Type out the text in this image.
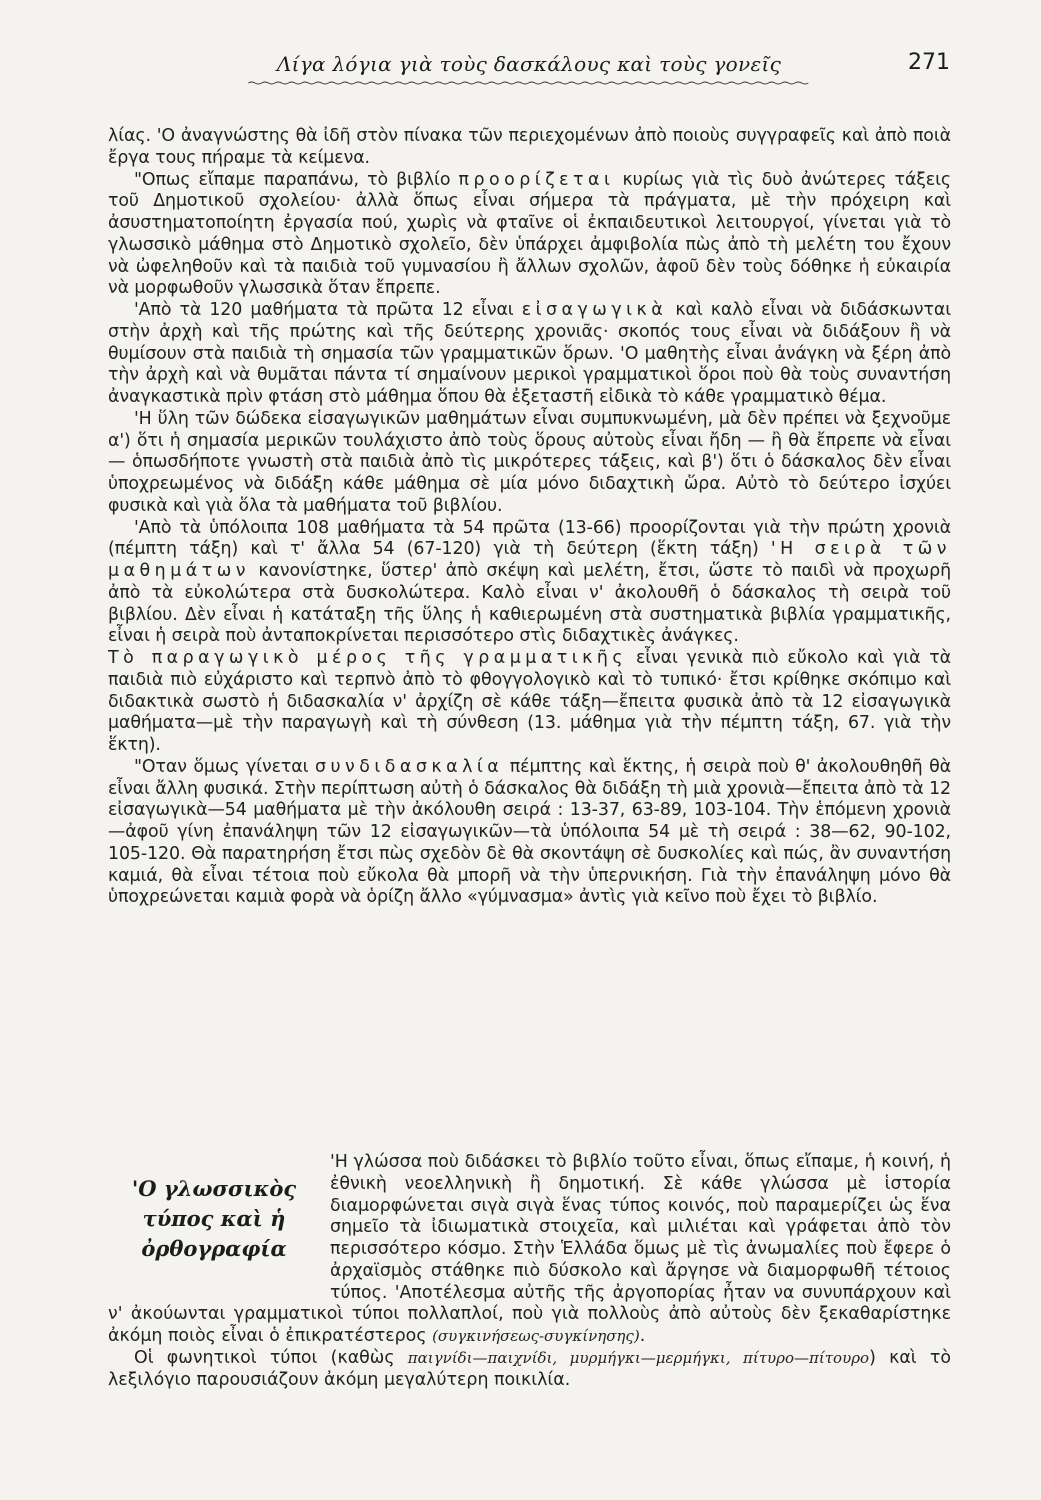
Λίγα λόγια γιὰ τοὺς δασκάλους καὶ τοὺς γονεῖς	271

λίας. 'Ο ἀναγνώστης θὰ ἰδῆ στὸν πίνακα τῶν περιεχομένων ἀπὸ ποιοὺς συγγραφεῖς καὶ ἀπὸ ποιὰ ἔργα τους πήραμε τὰ κείμενα.

"Οπως εἴπαμε παραπάνω, τὸ βιβλίο προορίζεται κυρίως γιὰ τὶς δυὸ ἀνώτερες τάξεις τοῦ Δημοτικοῦ σχολείου· ἀλλὰ ὅπως εἶναι σήμερα τὰ πράγματα, μὲ τὴν πρόχειρη καὶ ἀσυστηματοποίητη ἐργασία πού, χωρὶς νὰ φταῖνε οἱ ἐκπαιδευτικοὶ λειτουργοί, γίνεται γιὰ τὸ γλωσσικὸ μάθημα στὸ Δημοτικὸ σχολεῖο, δὲν ὑπάρχει ἀμφιβολία πὼς ἀπὸ τὴ μελέτη του ἔχουν νὰ ὠφεληθοῦν καὶ τὰ παιδιὰ τοῦ γυμνασίου ἢ ἄλλων σχολῶν, ἀφοῦ δὲν τοὺς δόθηκε ἡ εὐκαιρία νὰ μορφωθοῦν γλωσσικὰ ὅταν ἔπρεπε.

'Απὸ τὰ 120 μαθήματα τὰ πρῶτα 12 εἶναι εἰσαγωγικὰ καὶ καλὸ εἶναι νὰ διδάσκωνται στὴν ἀρχὴ καὶ τῆς πρώτης καὶ τῆς δεύτερης χρονιᾶς· σκοπός τους εἶναι νὰ διδάξουν ἢ νὰ θυμίσουν στὰ παιδιὰ τὴ σημασία τῶν γραμματικῶν ὅρων. 'Ο μαθητὴς εἶναι ἀνάγκη νὰ ξέρη ἀπὸ τὴν ἀρχὴ καὶ νὰ θυμᾶται πάντα τί σημαίνουν μερικοὶ γραμματικοὶ ὅροι ποὺ θὰ τοὺς συναντήση ἀναγκαστικὰ πρὶν φτάση στὸ μάθημα ὅπου θὰ ἐξεταστῆ εἰδικὰ τὸ κάθε γραμματικὸ θέμα.

'Η ὕλη τῶν δώδεκα εἰσαγωγικῶν μαθημάτων εἶναι συμπυκνωμένη, μὰ δὲν πρέπει νὰ ξεχνοῦμε α') ὅτι ἡ σημασία μερικῶν τουλάχιστο ἀπὸ τοὺς ὅρους αὐτοὺς εἶναι ἤδη — ἢ θὰ ἔπρεπε νὰ εἶναι — ὁπωσδήποτε γνωστὴ στὰ παιδιὰ ἀπὸ τὶς μικρότερες τάξεις, καὶ β') ὅτι ὁ δάσκαλος δὲν εἶναι ὑποχρεωμένος νὰ διδάξη κάθε μάθημα σὲ μία μόνο διδαχτικὴ ὥρα. Αὐτὸ τὸ δεύτερο ἰσχύει φυσικὰ καὶ γιὰ ὅλα τὰ μαθήματα τοῦ βιβλίου.

'Απὸ τὰ ὑπόλοιπα 108 μαθήματα τὰ 54 πρῶτα (13-66) προορίζονται γιὰ τὴν πρώτη χρονιὰ (πέμπτη τάξη) καὶ τ' ἄλλα 54 (67-120) γιὰ τὴ δεύτερη (ἕκτη τάξη) 'Η σειρὰ τῶν μαθημάτων κανονίστηκε, ὕστερ' ἀπὸ σκέψη καὶ μελέτη, ἔτσι, ὥστε τὸ παιδὶ νὰ προχωρῆ ἀπὸ τὰ εὐκολώτερα στὰ δυσκολώτερα. Καλὸ εἶναι ν' ἀκολουθῆ ὁ δάσκαλος τὴ σειρὰ τοῦ βιβλίου. Δὲν εἶναι ἡ κατάταξη τῆς ὕλης ἡ καθιερωμένη στὰ συστηματικὰ βιβλία γραμματικῆς, εἶναι ἡ σειρὰ ποὺ ἀνταποκρίνεται περισσότερο στὶς διδαχτικὲς ἀνάγκες.

Τὸ παραγωγικὸ μέρος τῆς γραμματικῆς εἶναι γενικὰ πιὸ εὔκολο καὶ γιὰ τὰ παιδιὰ πιὸ εὐχάριστο καὶ τερπνὸ ἀπὸ τὸ φθογγολογικὸ καὶ τὸ τυπικό· ἔτσι κρίθηκε σκόπιμο καὶ διδακτικὰ σωστὸ ἡ διδασκαλία ν' ἀρχίζη σὲ κάθε τάξη—ἔπειτα φυσικὰ ἀπὸ τὰ 12 εἰσαγωγικὰ μαθήματα—μὲ τὴν παραγωγὴ καὶ τὴ σύνθεση (13. μάθημα γιὰ τὴν πέμπτη τάξη, 67. γιὰ τὴν ἕκτη).

"Οταν ὅμως γίνεται συνδιδασκαλία πέμπτης καὶ ἕκτης, ἡ σειρὰ ποὺ θ' ἀκολουθηθῆ θὰ εἶναι ἄλλη φυσικά. Στὴν περίπτωση αὐτὴ ὁ δάσκαλος θὰ διδάξη τὴ μιὰ χρονιὰ—ἔπειτα ἀπὸ τὰ 12 εἰσαγωγικὰ—54 μαθήματα μὲ τὴν ἀκόλουθη σειρά : 13-37, 63-89, 103-104. Τὴν ἑπόμενη χρονιὰ—ἀφοῦ γίνη ἐπανάληψη τῶν 12 εἰσαγωγικῶν—τὰ ὑπόλοιπα 54 μὲ τὴ σειρά : 38—62, 90-102, 105-120. Θὰ παρατηρήση ἔτσι πὼς σχεδὸν δὲ θὰ σκοντάψη σὲ δυσκολίες καὶ πώς, ἂν συναντήση καμιά, θὰ εἶναι τέτοια ποὺ εὔκολα θὰ μπορῆ νὰ τὴν ὑπερνικήση. Γιὰ τὴν ἐπανάληψη μόνο θὰ ὑποχρεώνεται καμιὰ φορὰ νὰ ὁρίζη ἄλλο «γύμνασμα» ἀντὶς γιὰ κεῖνο ποὺ ἔχει τὸ βιβλίο.

'Ο γλωσσικὸς
τύπος καὶ ἡ
ὀρθογραφία

'Η γλώσσα ποὺ διδάσκει τὸ βιβλίο τοῦτο εἶναι, ὅπως εἴπαμε, ἡ κοινή, ἡ ἐθνικὴ νεοελληνικὴ ἢ δημοτική. Σὲ κάθε γλώσσα μὲ ἱστορία διαμορφώνεται σιγὰ σιγὰ ἕνας τύπος κοινός, ποὺ παραμερίζει ὡς ἕνα σημεῖο τὰ ἰδιωματικὰ στοιχεῖα, καὶ μιλιέται καὶ γράφεται ἀπὸ τὸν περισσότερο κόσμο. Στὴν Ἑλλάδα ὅμως μὲ τὶς ἀνωμαλίες ποὺ ἔφερε ὁ ἀρχαϊσμὸς στάθηκε πιὸ δύσκολο καὶ ἄργησε νὰ διαμορφωθῆ τέτοιος τύπος. 'Αποτέλεσμα αὐτῆς τῆς ἀργοπορίας ἦταν να συνυπάρχουν καὶ ν' ἀκούωνται γραμματικοὶ τύποι πολλαπλοί, ποὺ γιὰ πολλοὺς ἀπὸ αὐτοὺς δὲν ξεκαθαρίστηκε ἀκόμη ποιὸς εἶναι ὁ ἐπικρατέστερος (συγκινήσεως-συγκίνησης).

Οἱ φωνητικοὶ τύποι (καθὼς παιγνίδι—παιχνίδι, μυρμήγκι—μερμήγκι, πίτυρο—πίτουρο) καὶ τὸ λεξιλόγιο παρουσιάζουν ἀκόμη μεγαλύτερη ποικιλία.
